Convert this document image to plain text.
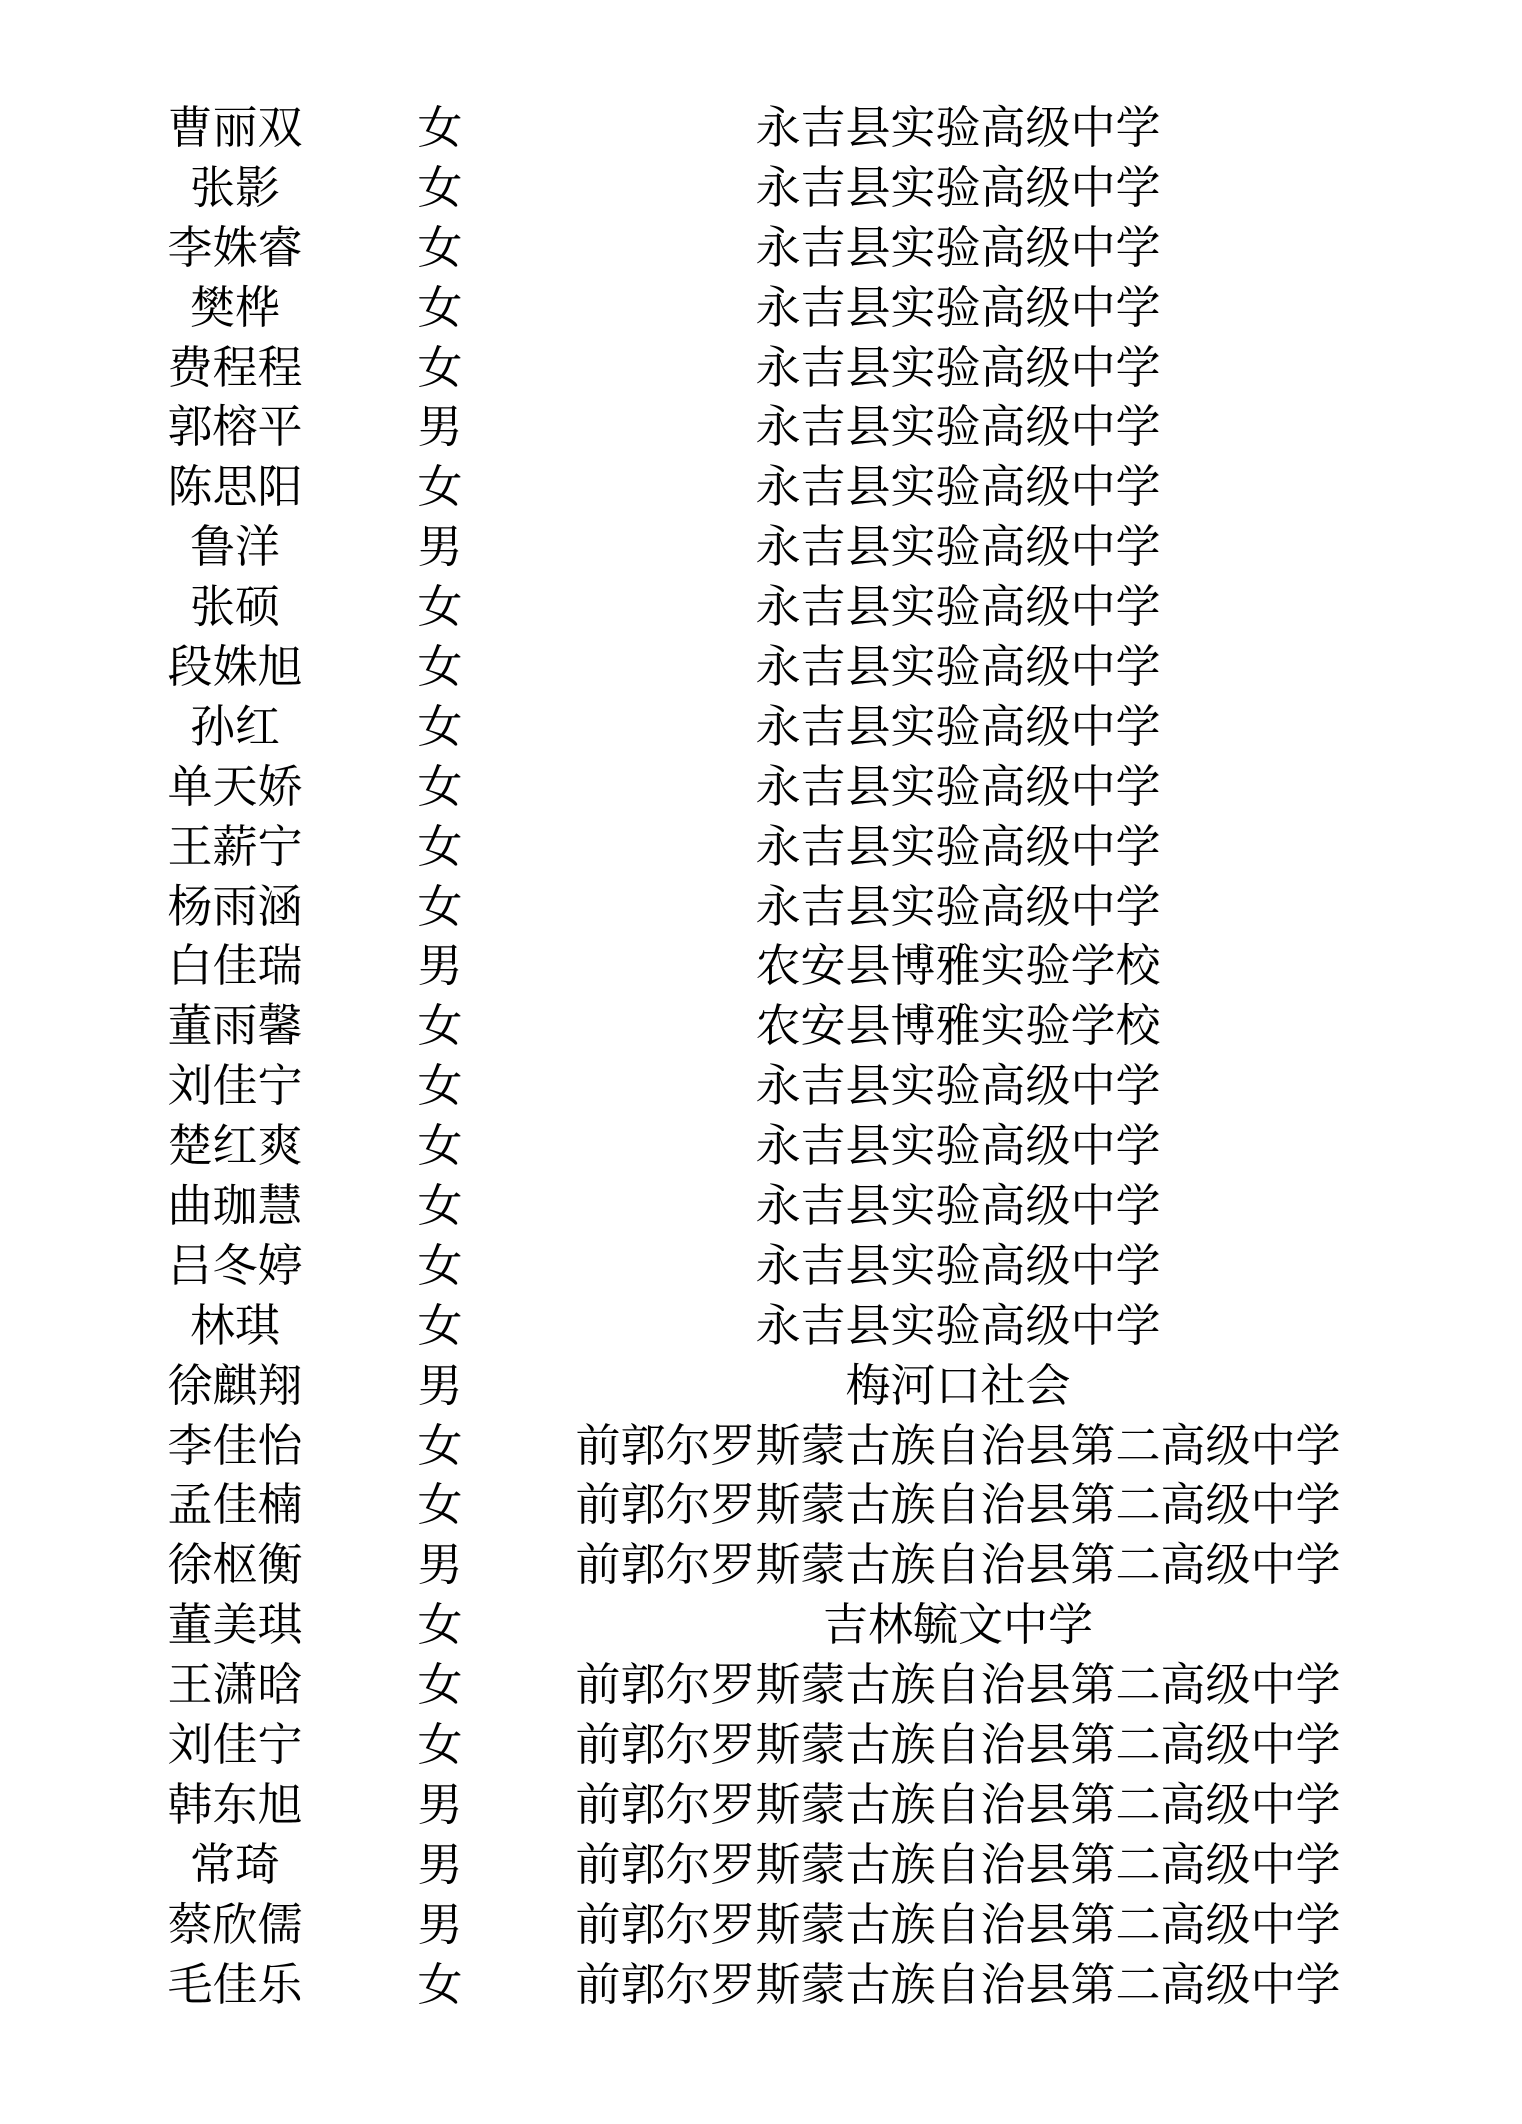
曹丽双	女	永吉县实验高级中学
张影	女	永吉县实验高级中学
李姝睿	女	永吉县实验高级中学
樊桦	女	永吉县实验高级中学
费程程	女	永吉县实验高级中学
郭榕平	男	永吉县实验高级中学
陈思阳	女	永吉县实验高级中学
鲁洋	男	永吉县实验高级中学
张硕	女	永吉县实验高级中学
段姝旭	女	永吉县实验高级中学
孙红	女	永吉县实验高级中学
单天娇	女	永吉县实验高级中学
王薪宁	女	永吉县实验高级中学
杨雨涵	女	永吉县实验高级中学
白佳瑞	男	农安县博雅实验学校
董雨馨	女	农安县博雅实验学校
刘佳宁	女	永吉县实验高级中学
楚红爽	女	永吉县实验高级中学
曲珈慧	女	永吉县实验高级中学
吕冬婷	女	永吉县实验高级中学
林琪	女	永吉县实验高级中学
徐麒翔	男	梅河口社会
李佳怡	女	前郭尔罗斯蒙古族自治县第二高级中学
孟佳楠	女	前郭尔罗斯蒙古族自治县第二高级中学
徐枢衡	男	前郭尔罗斯蒙古族自治县第二高级中学
董美琪	女	吉林毓文中学
王潇晗	女	前郭尔罗斯蒙古族自治县第二高级中学
刘佳宁	女	前郭尔罗斯蒙古族自治县第二高级中学
韩东旭	男	前郭尔罗斯蒙古族自治县第二高级中学
常琦	男	前郭尔罗斯蒙古族自治县第二高级中学
蔡欣儒	男	前郭尔罗斯蒙古族自治县第二高级中学
毛佳乐	女	前郭尔罗斯蒙古族自治县第二高级中学
